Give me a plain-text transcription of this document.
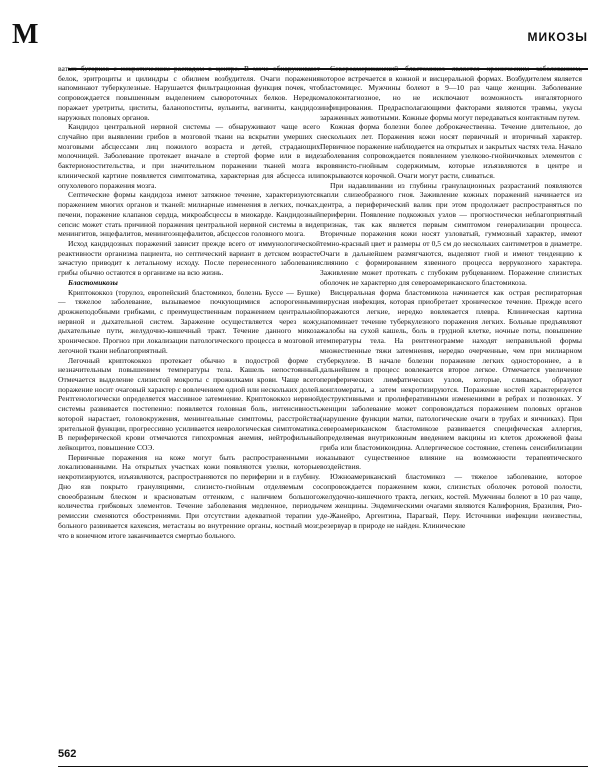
М	МИКОЗЫ

ватых бугорков с некротическим распадом в центре. В моче обнаруживают белок, эритроциты и цилиндры с обилием возбудителя. Очаги поражения напоминают туберкулезные. Нарушается фильтрационная функция почек, что сопровождается повышенным выделением сывороточных белков. Нередко поражает уретриты, циститы, баланопоститы, вульвиты, вагиниты, кандидоз наружных половых органов.

Кандидоз центральной нервной системы — обнаруживают чаще всего случайно при выявлении грибов в мозговой ткани на вскрытии умерших с мозговыми абсцессами лиц пожилого возраста и детей, страдающих молочницей. Заболевание протекает вначале в стертой форме или в виде бактерионостительства, и при значительном поражении тканей мозга в клинической картине появляется симптоматика, характерная для абсцесса или опухолевого поражения мозга.

Септические формы кандидоза имеют затяжное течение, характеризуются поражением многих органов и тканей: милиарные изменения в легких, почках, печени, поражение клапанов сердца, микроабсцессы в миокарде. Кандидозный сепсис может стать причиной поражения центральной нервной системы в виде менингитов, энцефалитов, менингоэнцефалитов, абсцессов головного мозга.

Исход кандидозных поражений зависит прежде всего от иммунологической реактивности организма пациента, но септический вариант в детском возрасте зачастую приводит к летальному исходу. После перенесенного заболевания грибы обычно остаются в организме на всю жизнь.

Бластомикозы

Криптококкоз (торулоз, европейский бластомикоз, болезнь Буссе — Бушке) — тяжелое заболевание, вызываемое почкующимися аспорогенными дрожжеподобными грибками, с преимущественным поражением центральной нервной и дыхательной систем. Заражение осуществляется через кожу, дыхательные пути, желудочно-кишечный тракт. Течение данного микоза хроническое. Прогноз при локализации патологического процесса в мозговой и легочной ткани неблагоприятный.

Легочный криптококкоз протекает обычно в подострой форме с незначительным повышением температуры тела. Кашель непостоянный. Отмечается выделение слизистой мокроты с прожилками крови. Чаще всего поражение носит очаговый характер с вовлечением одной или нескольких долей. Рентгенологически определяется массивное затемнение. Криптококкоз нервной системы развивается постепенно: появляется головная боль, интенсивность которой нарастает, головокружения, менингеальные симптомы, расстройства зрительной функции, прогрессивно усиливается неврологическая симптоматика. В периферической крови отмечаются гипохромная анемия, нейтрофильный лейкоцитоз, повышение СОЭ.

Первичные поражения на коже могут быть распространенными и локализованными. На открытых участках кожи появляются узелки, которые некротизируются, изъязвляются, распространяются по периферии и в глубину. Дно язв покрыто грануляциями, слизисто-гнойным отделяемым со своеобразным блеском и красноватым оттенком, с наличием большого количества грибковых элементов. Течение заболевания медленное, периоды ремиссии сменяются обострениями. При отсутствии адекватной терапии у больного развивается кахексия, метастазы во внутренние органы, костный мозг, что в конечном итоге заканчивается смертью больного.

Североамериканский бластомикоз является хроническим заболеванием, которое встречается в кожной и висцеральной формах. Возбудителем является бластомицес. Мужчины болеют в 9—10 раз чаще женщин. Заболевание малоконтагиозное, но не исключают возможность ингаляторного инфицирования. Предрасполагающими факторами являются травмы, укусы зараженных животными. Кожные формы могут передаваться контактным путем.

Кожная форма болезни более доброкачественна. Течение длительное, до нескольких лет. Поражения кожи носят первичный и вторичный характер. Первичное поражение наблюдается на открытых и закрытых частях тела. Начало заболевания сопровождается появлением узелково-гнойничковых элементов с кровянисто-гнойным содержимым, которые изъязвляются в центре и покрываются корочкой. Очаги могут расти, сливаться.

При надавливании из глубины гранулационных разрастаний появляются капли слизеобразного гноя. Заживление кожных поражений начинается из центра, а периферический валик при этом продолжает распространяться по периферии. Появление подкожных узлов — прогностически неблагоприятный признак, так как является первым симптомом генерализации процесса. Вторичные поражения кожи носят узловатый, гуммозный характер, имеют темно-красный цвет и размеры от 0,5 см до нескольких сантиметров в диаметре. Очаги в дальнейшем размягчаются, выделяют гной и имеют тенденцию к слиянию с формированием язвенного процесса веррукозного характера. Заживление может протекать с глубоким рубцеванием. Поражение слизистых оболочек не характерно для североамериканского бластомикоза.

Висцеральная форма бластомикоза начинается как острая респираторная вирусная инфекция, которая приобретает хроническое течение. Прежде всего поражаются легкие, нередко вовлекается плевра. Клиническая картина напоминает течение туберкулезного поражения легких. Больные предъявляют жалобы на сухой кашель, боль в грудной клетке, ночные поты, повышение температуры тела. На рентгенограмме находят неправильной формы множественные тяжи затемнения, нередко очерченные, чем при милиарном туберкулезе. В начале болезни поражение легких одностороннее, а в дальнейшем в процесс вовлекается второе легкое. Отмечается увеличение периферических лимфатических узлов, которые, сливаясь, образуют конгломераты, а затем некротизируются. Поражение костей характеризуется деструктивными и пролиферативными изменениями в ребрах и позвонках. У женщин заболевание может сопровождаться поражением половых органов (нарушение функции матки, патологические очаги в трубах и яичниках). При североамериканском бластомикозе развивается специфическая аллергия, определяемая внутрикожным введением вакцины из клеток дрожжевой фазы гриба или бластомикоидина. Аллергическое состояние, степень сенсибилизации оказывают существенное влияние на возможности терапевтического воздействия.

Южноамериканский бластомикоз — тяжелое заболевание, которое сопровождается поражением кожи, слизистых оболочек ротовой полости, желудочно-кишечного тракта, легких, костей. Мужчины болеют в 10 раз чаще, чем женщины. Эндемическими очагами являются Калифорния, Бразилия, Рио-де-Жанейро, Аргентина, Парагвай, Перу. Источники инфекции неизвестны, резервуар в природе не найден. Клинические

562
